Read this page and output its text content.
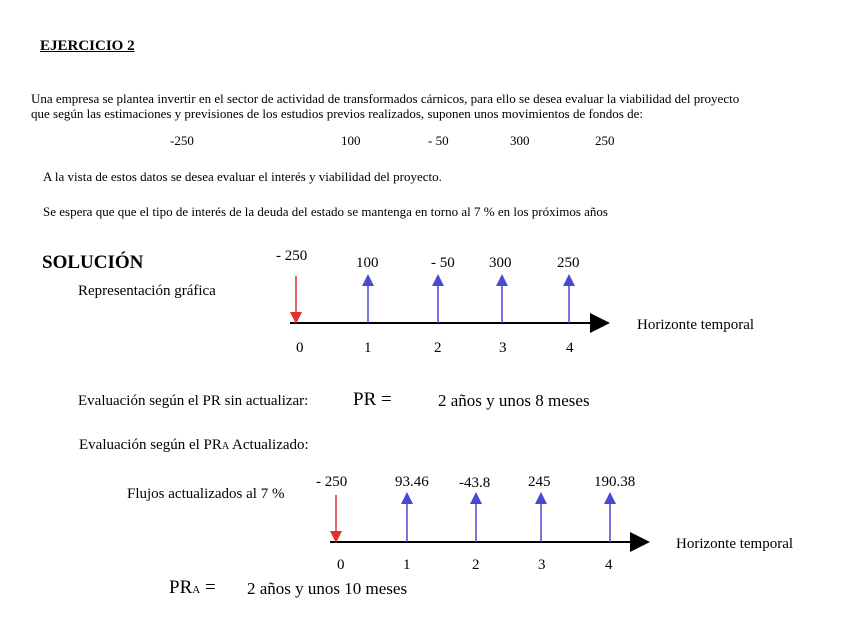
EJERCICIO 2
Una empresa se plantea invertir en el sector de actividad de transformados cárnicos, para ello se desea evaluar la viabilidad del proyecto
que según las estimaciones y previsiones de los estudios previos realizados, suponen unos movimientos de fondos de:
-250	100	- 50	300	250
A la vista de estos datos se desea evaluar el interés y viabilidad del proyecto.
Se espera que que el tipo de interés de la deuda del estado se mantenga en torno al 7 % en los próximos años
SOLUCIÓN
Representación gráfica
- 250	100	- 50 300	250
0	1	2	3	4
Horizonte temporal
Evaluación según el PR sin actualizar: PR =	2 años y unos 8 meses
Evaluación según el PRA Actualizado:
Flujos actualizados al 7 %
- 250	93.46 -43.8	245	190.38
0	1	2	3	4
Horizonte temporal
PRA = 2 años y unos 10 meses
